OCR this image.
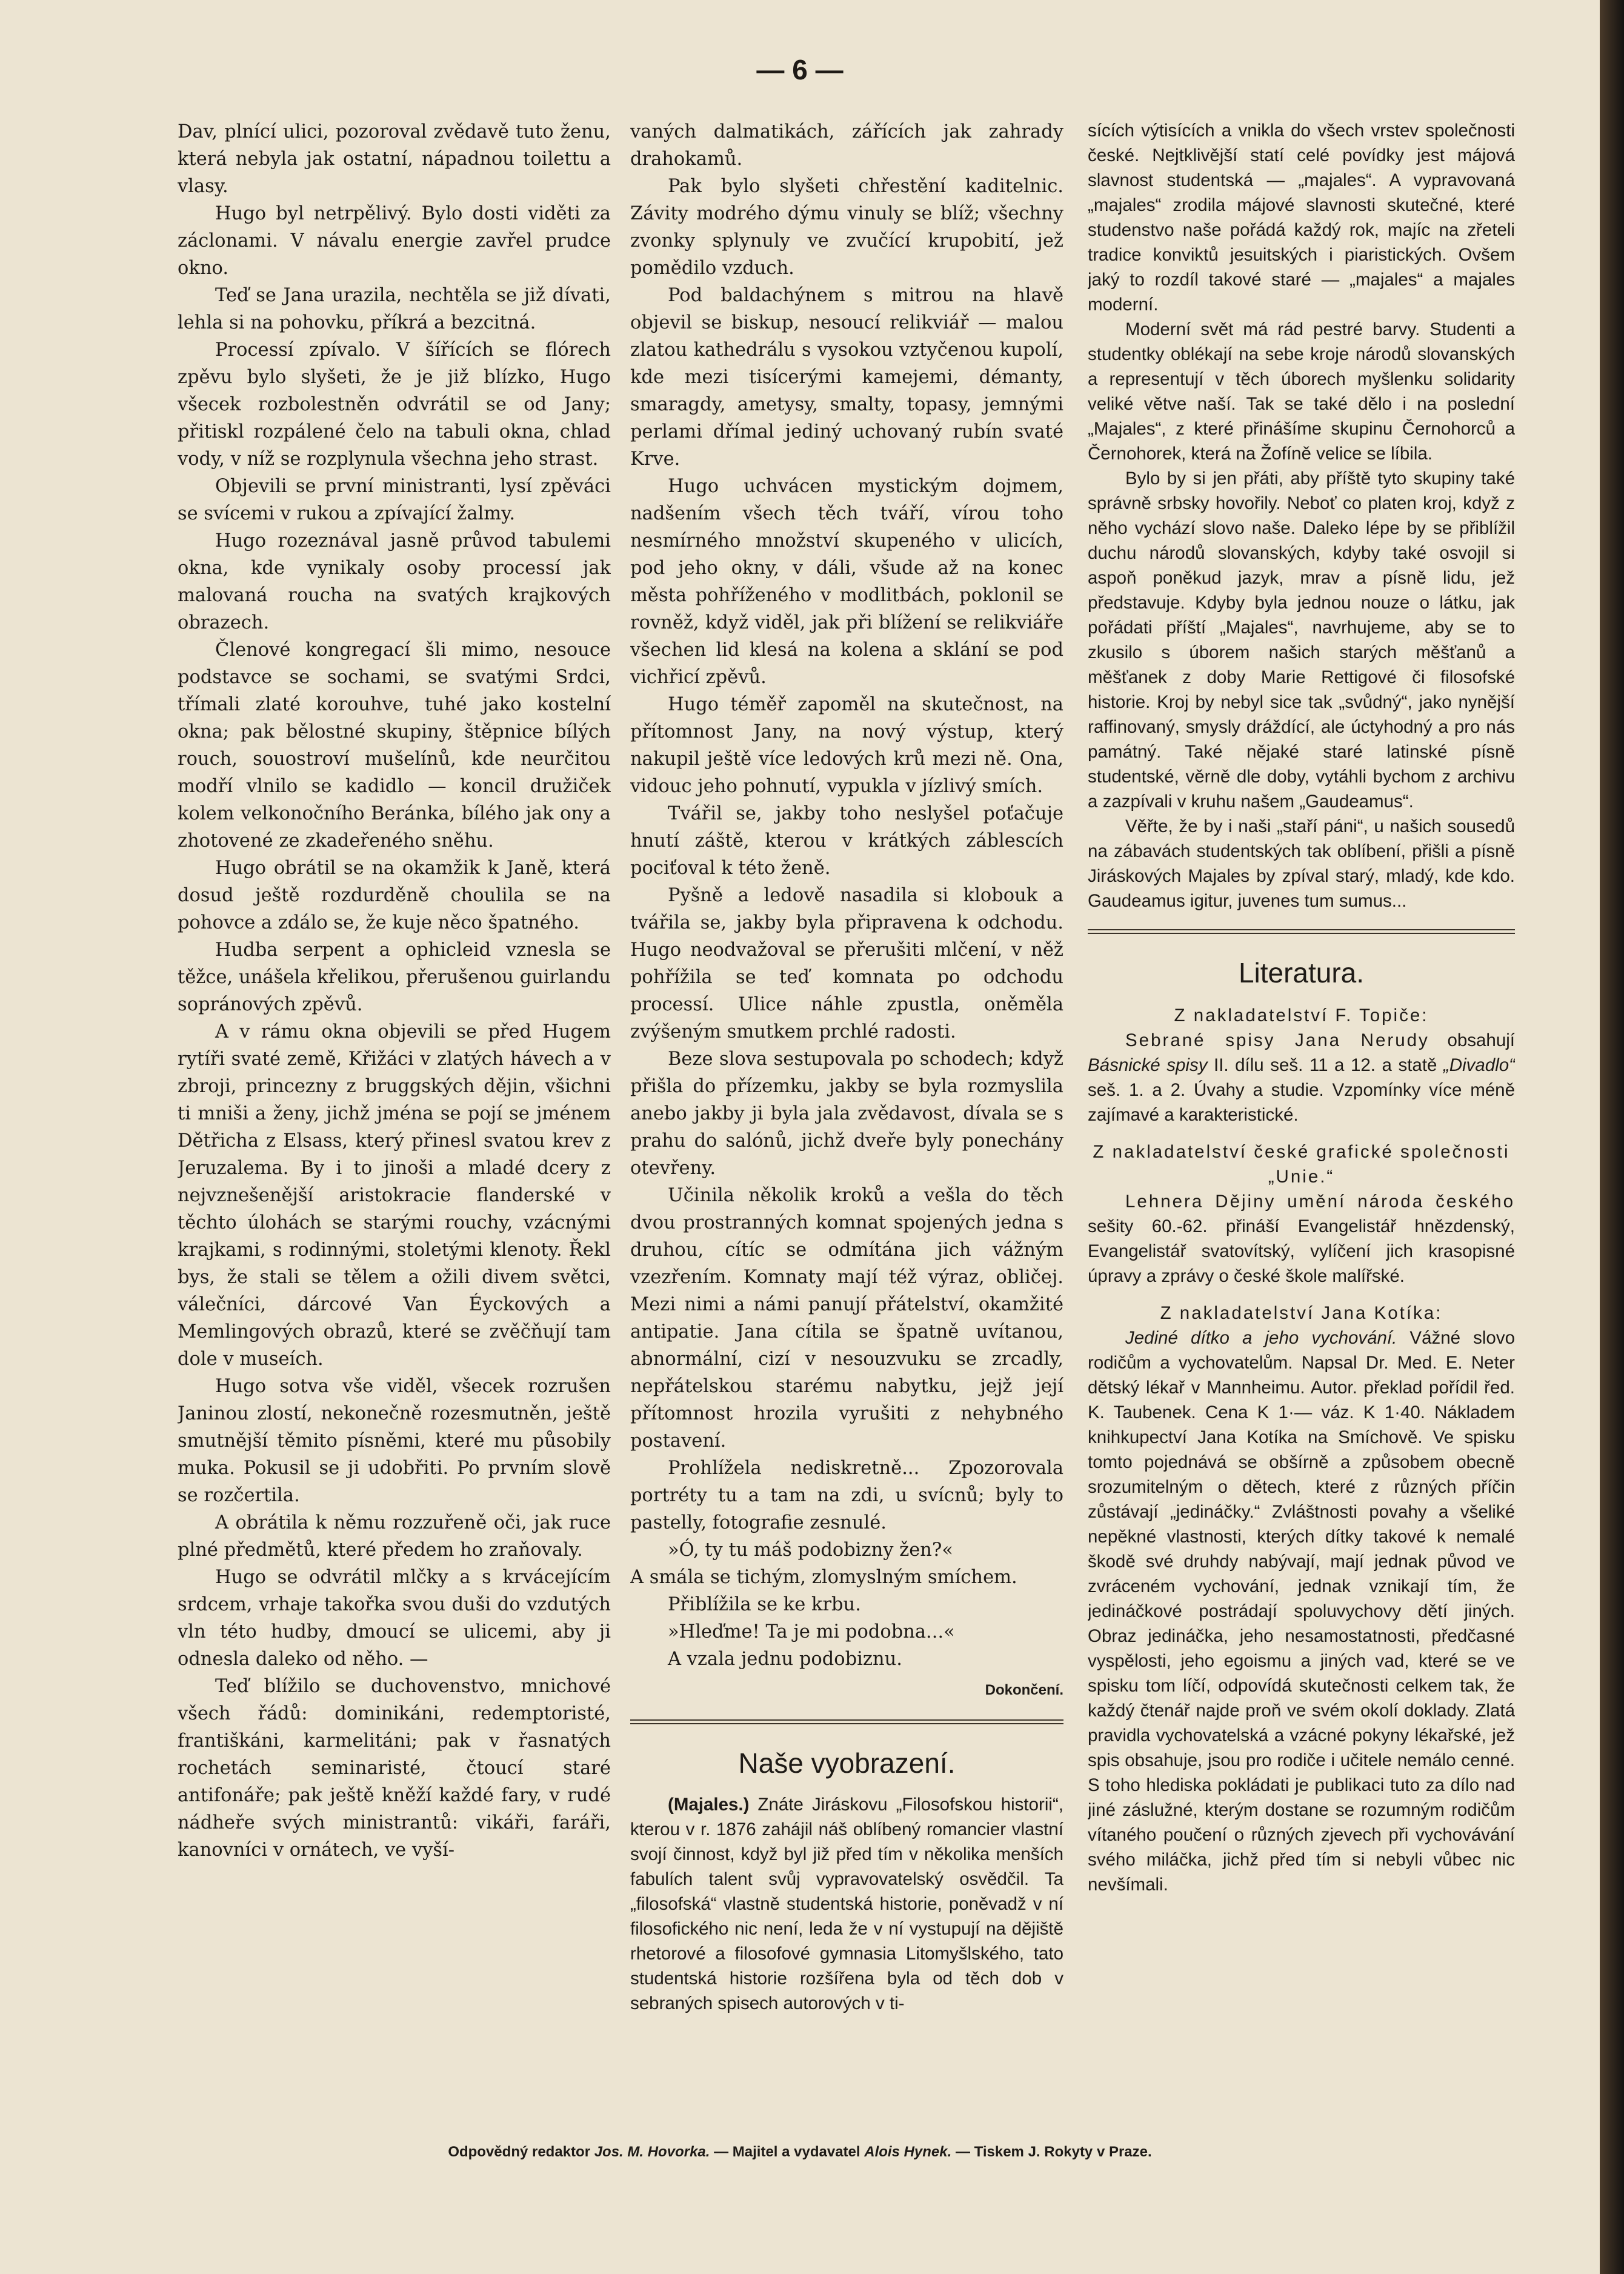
— 6 —

Dav, plnící ulici, pozoroval zvědavě tuto ženu, která nebyla jak ostatní, nápadnou toilettu a vlasy.

Hugo byl netrpělivý. Bylo dosti viděti za záclonami. V návalu energie zavřel prudce okno.

Teď se Jana urazila, nechtěla se již dívati, lehla si na pohovku, příkrá a bezcitná.

Processí zpívalo. V šířících se flórech zpěvu bylo slyšeti, že je již blízko, Hugo všecek rozbolestněn odvrátil se od Jany; přitiskl rozpálené čelo na tabuli okna, chlad vody, v níž se rozplynula všechna jeho strast.

Objevili se první ministranti, lysí zpěváci se svícemi v rukou a zpívající žalmy.

Hugo rozeznával jasně průvod tabulemi okna, kde vynikaly osoby processí jak malovaná roucha na svatých krajkových obrazech.

Členové kongregací šli mimo, nesouce podstavce se sochami, se svatými Srdci, třímali zlaté korouhve, tuhé jako kostelní okna; pak bělostné skupiny, štěpnice bílých rouch, souostroví mušelínů, kde neurčitou modří vlnilo se kadidlo — koncil družiček kolem velkonočního Beránka, bílého jak ony a zhotovené ze zkadeřeného sněhu.

Hugo obrátil se na okamžik k Janě, která dosud ještě rozdurděně choulila se na pohovce a zdálo se, že kuje něco špatného.

Hudba serpent a ophicleid vznesla se těžce, unášela křelikou, přerušenou guirlandu sopránových zpěvů.

A v rámu okna objevili se před Hugem rytíři svaté země, Křižáci v zlatých hávech a v zbroji, princezny z bruggských dějin, všichni ti mniši a ženy, jichž jména se pojí se jménem Dětřicha z Elsass, který přinesl svatou krev z Jeruzalema. By i to jinoši a mladé dcery z nejvznešenější aristokracie flanderské v těchto úlohách se starými rouchy, vzácnými krajkami, s rodinnými, stoletými klenoty. Řekl bys, že stali se tělem a ožili divem světci, válečníci, dárcové Van Éyckových a Memlingových obrazů, které se zvěčňují tam dole v museích.

Hugo sotva vše viděl, všecek rozrušen Janinou zlostí, nekonečně rozesmutněn, ještě smutnější těmito písněmi, které mu působily muka. Pokusil se ji udobřiti. Po prvním slově se rozčertila.

A obrátila k němu rozzuřeně oči, jak ruce plné předmětů, které předem ho zraňovaly.

Hugo se odvrátil mlčky a s krvácejícím srdcem, vrhaje takořka svou duši do vzdutých vln této hudby, dmoucí se ulicemi, aby ji odnesla daleko od něho. —

Teď blížilo se duchovenstvo, mnichové všech řádů: dominikáni, redemptoristé, františkáni, karmelitáni; pak v řasnatých rochetách seminaristé, čtoucí staré antifonáře; pak ještě kněží každé fary, v rudé nádheře svých ministrantů: vikáři, faráři, kanovníci v ornátech, ve vyší-

vaných dalmatikách, zářících jak zahrady drahokamů.

Pak bylo slyšeti chřestění kaditelnic. Závity modrého dýmu vinuly se blíž; všechny zvonky splynuly ve zvučící krupobití, jež pomědilo vzduch.

Pod baldachýnem s mitrou na hlavě objevil se biskup, nesoucí relikviář — malou zlatou kathedrálu s vysokou vztyčenou kupolí, kde mezi tisícerými kamejemi, démanty, smaragdy, ametysy, smalty, topasy, jemnými perlami dřímal jediný uchovaný rubín svaté Krve.

Hugo uchvácen mystickým dojmem, nadšením všech těch tváří, vírou toho nesmírného množství skupeného v ulicích, pod jeho okny, v dáli, všude až na konec města pohříženého v modlitbách, poklonil se rovněž, když viděl, jak při blížení se relikviáře všechen lid klesá na kolena a sklání se pod vichřicí zpěvů.

Hugo téměř zapoměl na skutečnost, na přítomnost Jany, na nový výstup, který nakupil ještě více ledových krů mezi ně. Ona, vidouc jeho pohnutí, vypukla v jízlivý smích.

Tvářil se, jakby toho neslyšel poťačuje hnutí záště, kterou v krátkých záblescích pociťoval k této ženě.

Pyšně a ledově nasadila si klobouk a tvářila se, jakby byla připravena k odchodu. Hugo neodvažoval se přerušiti mlčení, v něž pohřížila se teď komnata po odchodu processí. Ulice náhle zpustla, oněměla zvýšeným smutkem prchlé radosti.

Beze slova sestupovala po schodech; když přišla do přízemku, jakby se byla rozmyslila anebo jakby ji byla jala zvědavost, dívala se s prahu do salónů, jichž dveře byly ponechány otevřeny.

Učinila několik kroků a vešla do těch dvou prostranných komnat spojených jedna s druhou, cítíc se odmítána jich vážným vzezřením. Komnaty mají též výraz, obličej. Mezi nimi a námi panují přátelství, okamžité antipatie. Jana cítila se špatně uvítanou, abnormální, cizí v nesouzvuku se zrcadly, nepřátelskou starému nabytku, jejž její přítomnost hrozila vyrušiti z nehybného postavení.

Prohlížela nediskretně... Zpozorovala portréty tu a tam na zdi, u svícnů; byly to pastelly, fotografie zesnulé.

»Ó, ty tu máš podobizny žen?«

A smála se tichým, zlomyslným smíchem.

Přiblížila se ke krbu.

»Hleďme! Ta je mi podobna...«

A vzala jednu podobiznu.

Dokončení.

Naše vyobrazení.

(Majales.) Znáte Jiráskovu „Filosofskou historii“, kterou v r. 1876 zahájil náš oblíbený romancier vlastní svojí činnost, když byl již před tím v několika menších fabulích talent svůj vypravovatelský osvědčil. Ta „filosofská“ vlastně studentská historie, poněvadž v ní filosofického nic není, leda že v ní vystupují na dějiště rhetorové a filosofové gymnasia Litomyšlského, tato studentská historie rozšířena byla od těch dob v sebraných spisech autorových v ti-

sících výtisících a vnikla do všech vrstev společnosti české. Nejtklivější statí celé povídky jest májová slavnost studentská — „majales“. A vypravovaná „majales“ zrodila májové slavnosti skutečné, které studenstvo naše pořádá každý rok, majíc na zřeteli tradice konviktů jesuitských i piaristických. Ovšem jaký to rozdíl takové staré — „majales“ a majales moderní.

Moderní svět má rád pestré barvy. Studenti a studentky oblékají na sebe kroje národů slovanských a representují v těch úborech myšlenku solidarity veliké větve naší. Tak se také dělo i na poslední „Majales“, z které přinášíme skupinu Černohorců a Černohorek, která na Žofíně velice se líbila.

Bylo by si jen přáti, aby příště tyto skupiny také správně srbsky hovořily. Neboť co platen kroj, když z něho vychází slovo naše. Daleko lépe by se přiblížil duchu národů slovanských, kdyby také osvojil si aspoň poněkud jazyk, mrav a písně lidu, jež představuje. Kdyby byla jednou nouze o látku, jak pořádati příští „Majales“, navrhujeme, aby se to zkusilo s úborem našich starých měšťanů a měšťanek z doby Marie Rettigové či filosofské historie. Kroj by nebyl sice tak „svůdný“, jako nynější raffinovaný, smysly dráždící, ale úctyhodný a pro nás památný. Také nějaké staré latinské písně studentské, věrně dle doby, vytáhli bychom z archivu a zazpívali v kruhu našem „Gaudeamus“.

Věřte, že by i naši „staří páni“, u našich sousedů na zábavách studentských tak oblíbení, přišli a písně Jiráskových Majales by zpíval starý, mladý, kde kdo. Gaudeamus igitur, juvenes tum sumus...

Literatura.

Z nakladatelství F. Topiče:

Sebrané spisy Jana Nerudy obsahují Básnické spisy II. dílu seš. 11 a 12. a statě „Divadlo“ seš. 1. a 2. Úvahy a studie. Vzpomínky více méně zajímavé a karakteristické.

Z nakladatelství české grafické společnosti „Unie.“

Lehnera Dějiny umění národa českého sešity 60.-62. přináší Evangelistář hnězdenský, Evangelistář svatovítský, vylíčení jich krasopisné úpravy a zprávy o české škole malířské.

Z nakladatelství Jana Kotíka:

Jediné dítko a jeho vychování. Vážné slovo rodičům a vychovatelům. Napsal Dr. Med. E. Neter dětský lékař v Mannheimu. Autor. překlad pořídil řed. K. Taubenek. Cena K 1·— váz. K 1·40. Nákladem knihkupectví Jana Kotíka na Smíchově. Ve spisku tomto pojednává se obšírně a způsobem obecně srozumitelným o dětech, které z různých příčin zůstávají „jedináčky.“ Zvláštnosti povahy a všeliké nepěkné vlastnosti, kterých dítky takové k nemalé škodě své druhdy nabývají, mají jednak původ ve zvráceném vychování, jednak vznikají tím, že jedináčkové postrádají spoluvychovy dětí jiných. Obraz jedináčka, jeho nesamostatnosti, předčasné vyspělosti, jeho egoismu a jiných vad, které se ve spisku tom líčí, odpovídá skutečnosti celkem tak, že každý čtenář najde proň ve svém okolí doklady. Zlatá pravidla vychovatelská a vzácné pokyny lékařské, jež spis obsahuje, jsou pro rodiče i učitele nemálo cenné. S toho hlediska pokládati je publikaci tuto za dílo nad jiné záslužné, kterým dostane se rozumným rodičům vítaného poučení o různých zjevech při vychovávání svého miláčka, jichž před tím si nebyli vůbec nic nevšímali.

Odpovědný redaktor Jos. M. Hovorka. — Majitel a vydavatel Alois Hynek. — Tiskem J. Rokyty v Praze.
